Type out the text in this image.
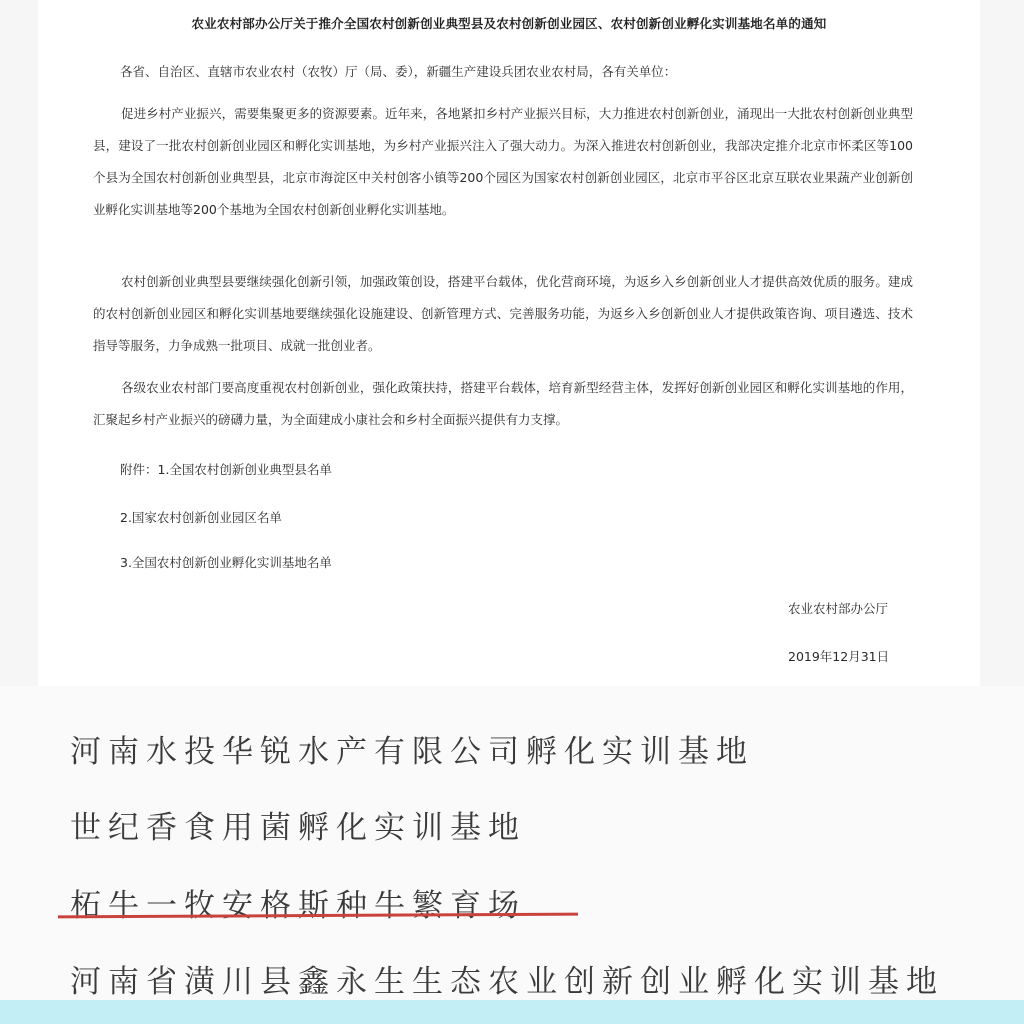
农业农村部办公厅关于推介全国农村创新创业典型县及农村创新创业园区、农村创新创业孵化实训基地名单的通知
各省、自治区、直辖市农业农村（农牧）厅（局、委），新疆生产建设兵团农业农村局，各有关单位：

促进乡村产业振兴，需要集聚更多的资源要素。近年来，各地紧扣乡村产业振兴目标，大力推进农村创新创业，涌现出一大批农村创新创业典型县，建设了一批农村创新创业园区和孵化实训基地，为乡村产业振兴注入了强大动力。为深入推进农村创新创业，我部决定推介北京市怀柔区等100个县为全国农村创新创业典型县，北京市海淀区中关村创客小镇等200个园区为国家农村创新创业园区，北京市平谷区北京互联农业果蔬产业创新创业孵化实训基地等200个基地为全国农村创新创业孵化实训基地。

农村创新创业典型县要继续强化创新引领，加强政策创设，搭建平台载体，优化营商环境，为返乡入乡创新创业人才提供高效优质的服务。建成的农村创新创业园区和孵化实训基地要继续强化设施建设、创新管理方式、完善服务功能，为返乡入乡创新创业人才提供政策咨询、项目遴选、技术指导等服务，力争成熟一批项目、成就一批创业者。

各级农业农村部门要高度重视农村创新创业，强化政策扶持，搭建平台载体，培育新型经营主体，发挥好创新创业园区和孵化实训基地的作用，汇聚起乡村产业振兴的磅礴力量，为全面建成小康社会和乡村全面振兴提供有力支撑。

附件：1.全国农村创新创业典型县名单
2.国家农村创新创业园区名单
3.全国农村创新创业孵化实训基地名单
农业农村部办公厅
2019年12月31日
河南水投华锐水产有限公司孵化实训基地
世纪香食用菌孵化实训基地
柘牛一牧安格斯种牛繁育场
河南省潢川县鑫永生生态农业创新创业孵化实训基地
